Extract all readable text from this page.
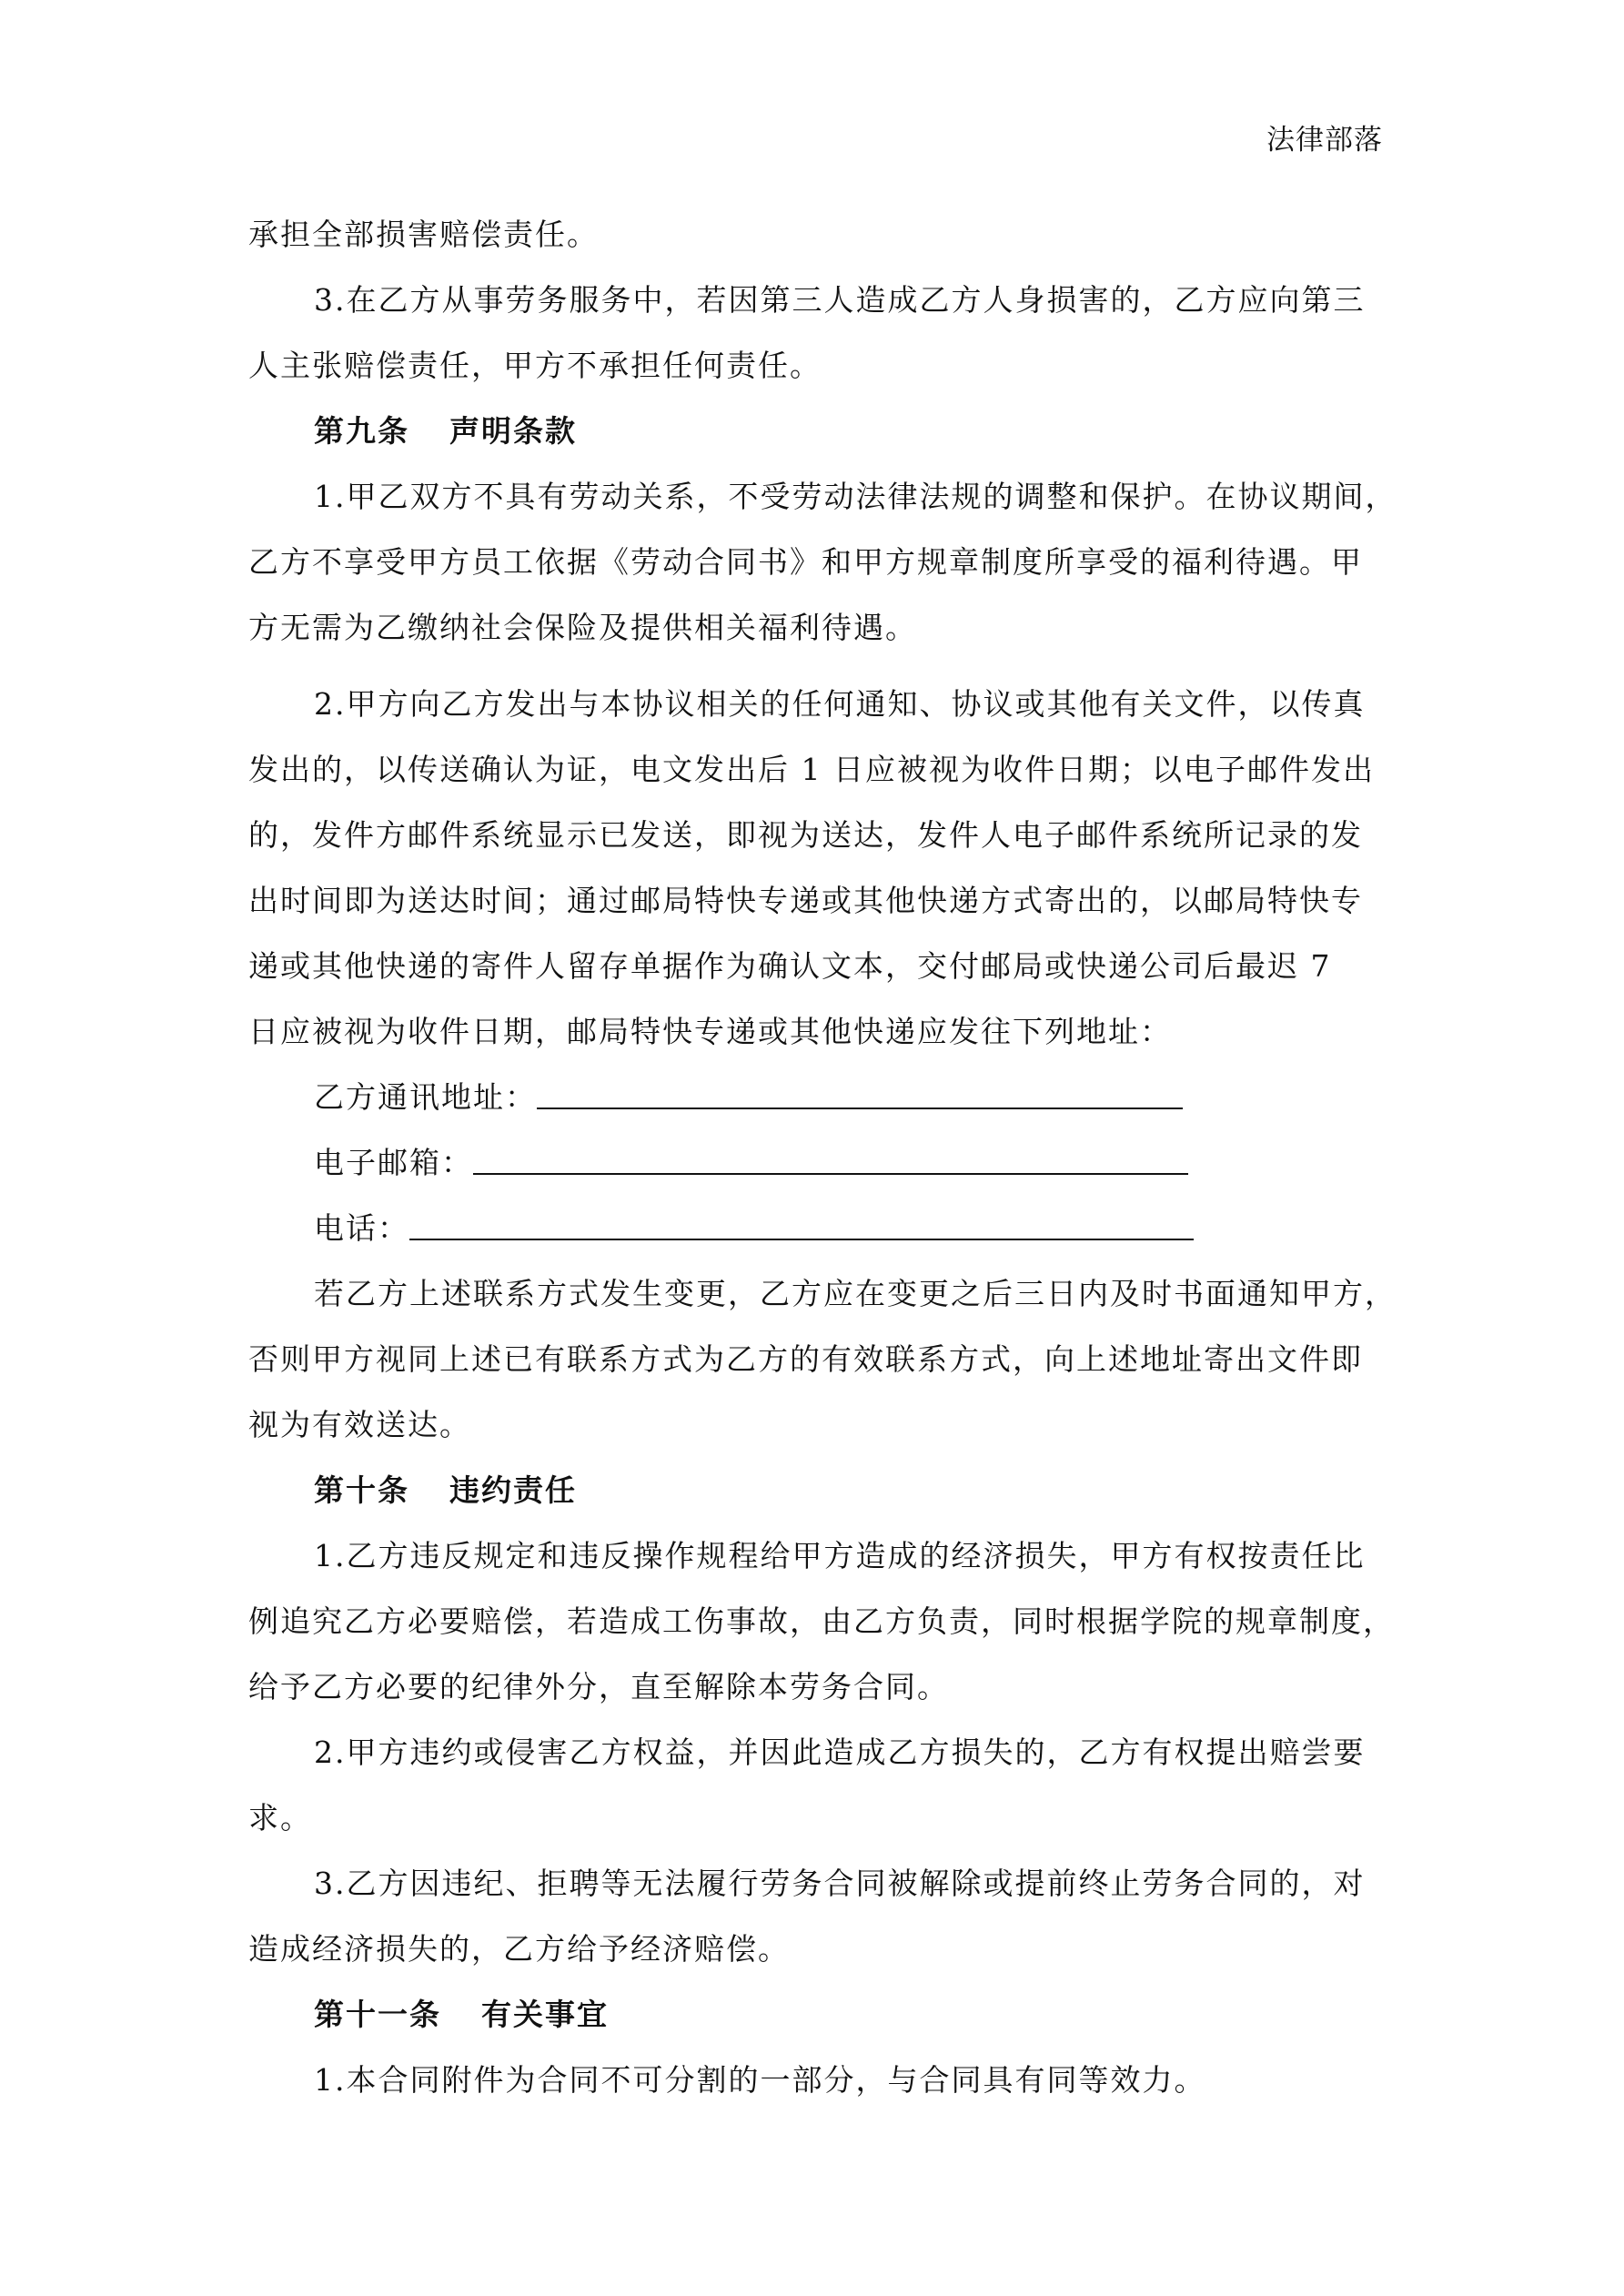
法律部落
承担全部损害赔偿责任。
3.在乙方从事劳务服务中，若因第三人造成乙方人身损害的，乙方应向第三
人主张赔偿责任，甲方不承担任何责任。
第九条 声明条款
1.甲乙双方不具有劳动关系，不受劳动法律法规的调整和保护。在协议期间，
乙方不享受甲方员工依据《劳动合同书》和甲方规章制度所享受的福利待遇。甲
方无需为乙缴纳社会保险及提供相关福利待遇。
2.甲方向乙方发出与本协议相关的任何通知、协议或其他有关文件，以传真
发出的，以传送确认为证，电文发出后 1 日应被视为收件日期；以电子邮件发出
的，发件方邮件系统显示已发送，即视为送达，发件人电子邮件系统所记录的发
出时间即为送达时间；通过邮局特快专递或其他快递方式寄出的，以邮局特快专
递或其他快递的寄件人留存单据作为确认文本，交付邮局或快递公司后最迟 7
日应被视为收件日期，邮局特快专递或其他快递应发往下列地址：
乙方通讯地址：
电子邮箱：
电话：
若乙方上述联系方式发生变更，乙方应在变更之后三日内及时书面通知甲方，
否则甲方视同上述已有联系方式为乙方的有效联系方式，向上述地址寄出文件即
视为有效送达。
第十条 违约责任
1.乙方违反规定和违反操作规程给甲方造成的经济损失，甲方有权按责任比
例追究乙方必要赔偿，若造成工伤事故，由乙方负责，同时根据学院的规章制度，
给予乙方必要的纪律外分，直至解除本劳务合同。
2.甲方违约或侵害乙方权益，并因此造成乙方损失的，乙方有权提出赔尝要
求。
3.乙方因违纪、拒聘等无法履行劳务合同被解除或提前终止劳务合同的，对
造成经济损失的，乙方给予经济赔偿。
第十一条 有关事宜
1.本合同附件为合同不可分割的一部分，与合同具有同等效力。
